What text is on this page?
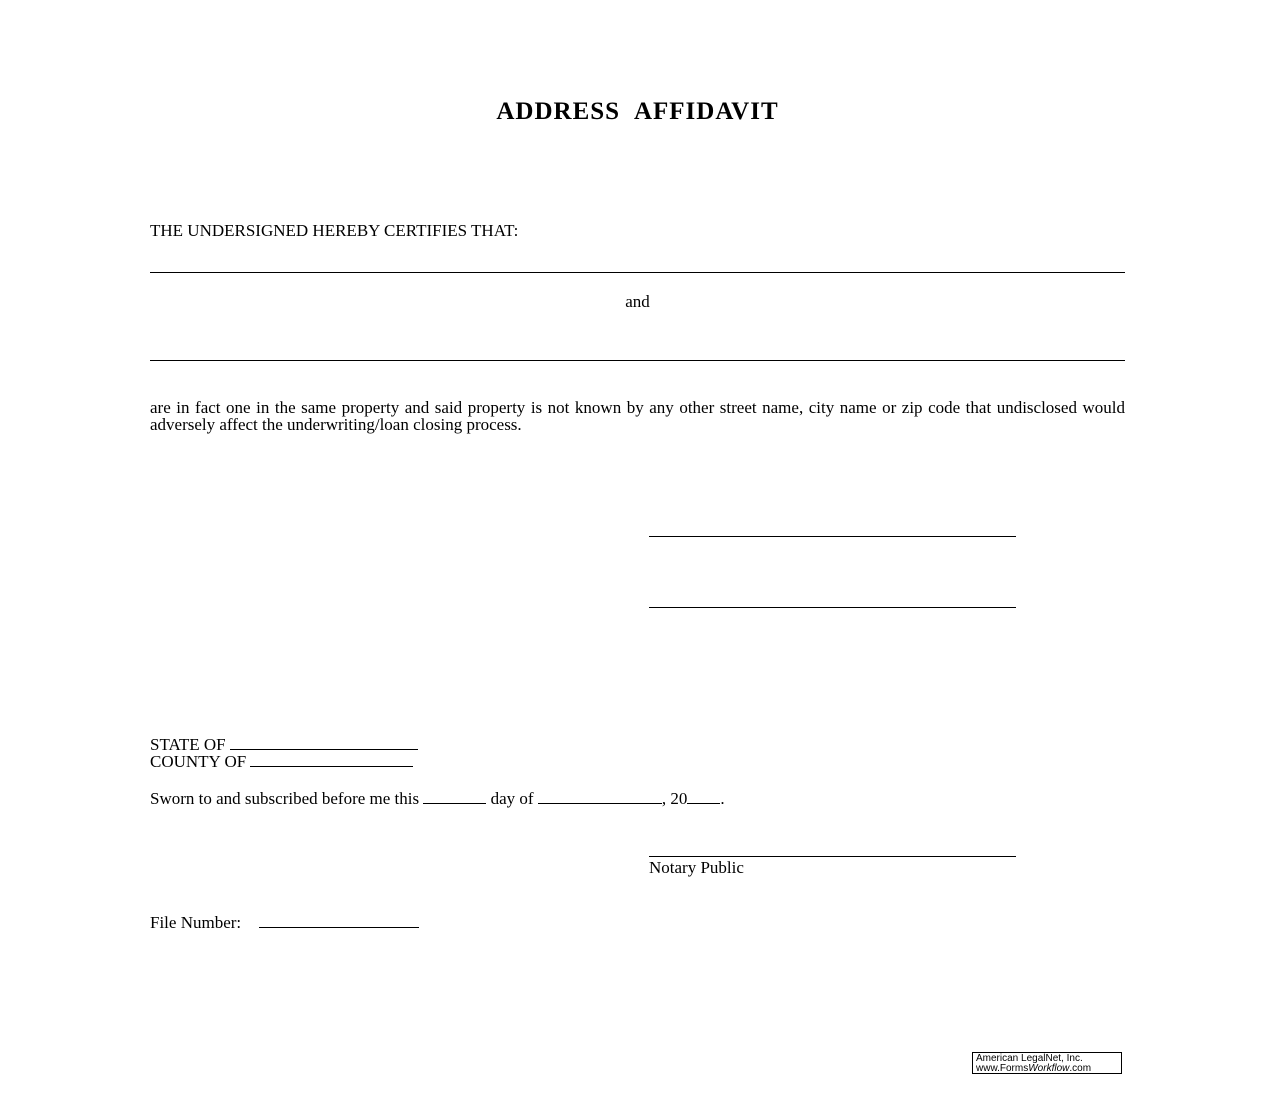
ADDRESS AFFIDAVIT
THE UNDERSIGNED HEREBY CERTIFIES THAT:
and
are in fact one in the same property and said property is not known by any other street name, city name or zip code that undisclosed would adversely affect the underwriting/loan closing process.
STATE OF
COUNTY OF
Sworn to and subscribed before me this	day of	, 20 .
Notary Public
File Number:
American LegalNet, Inc.
www.FormsWorkflow.com
